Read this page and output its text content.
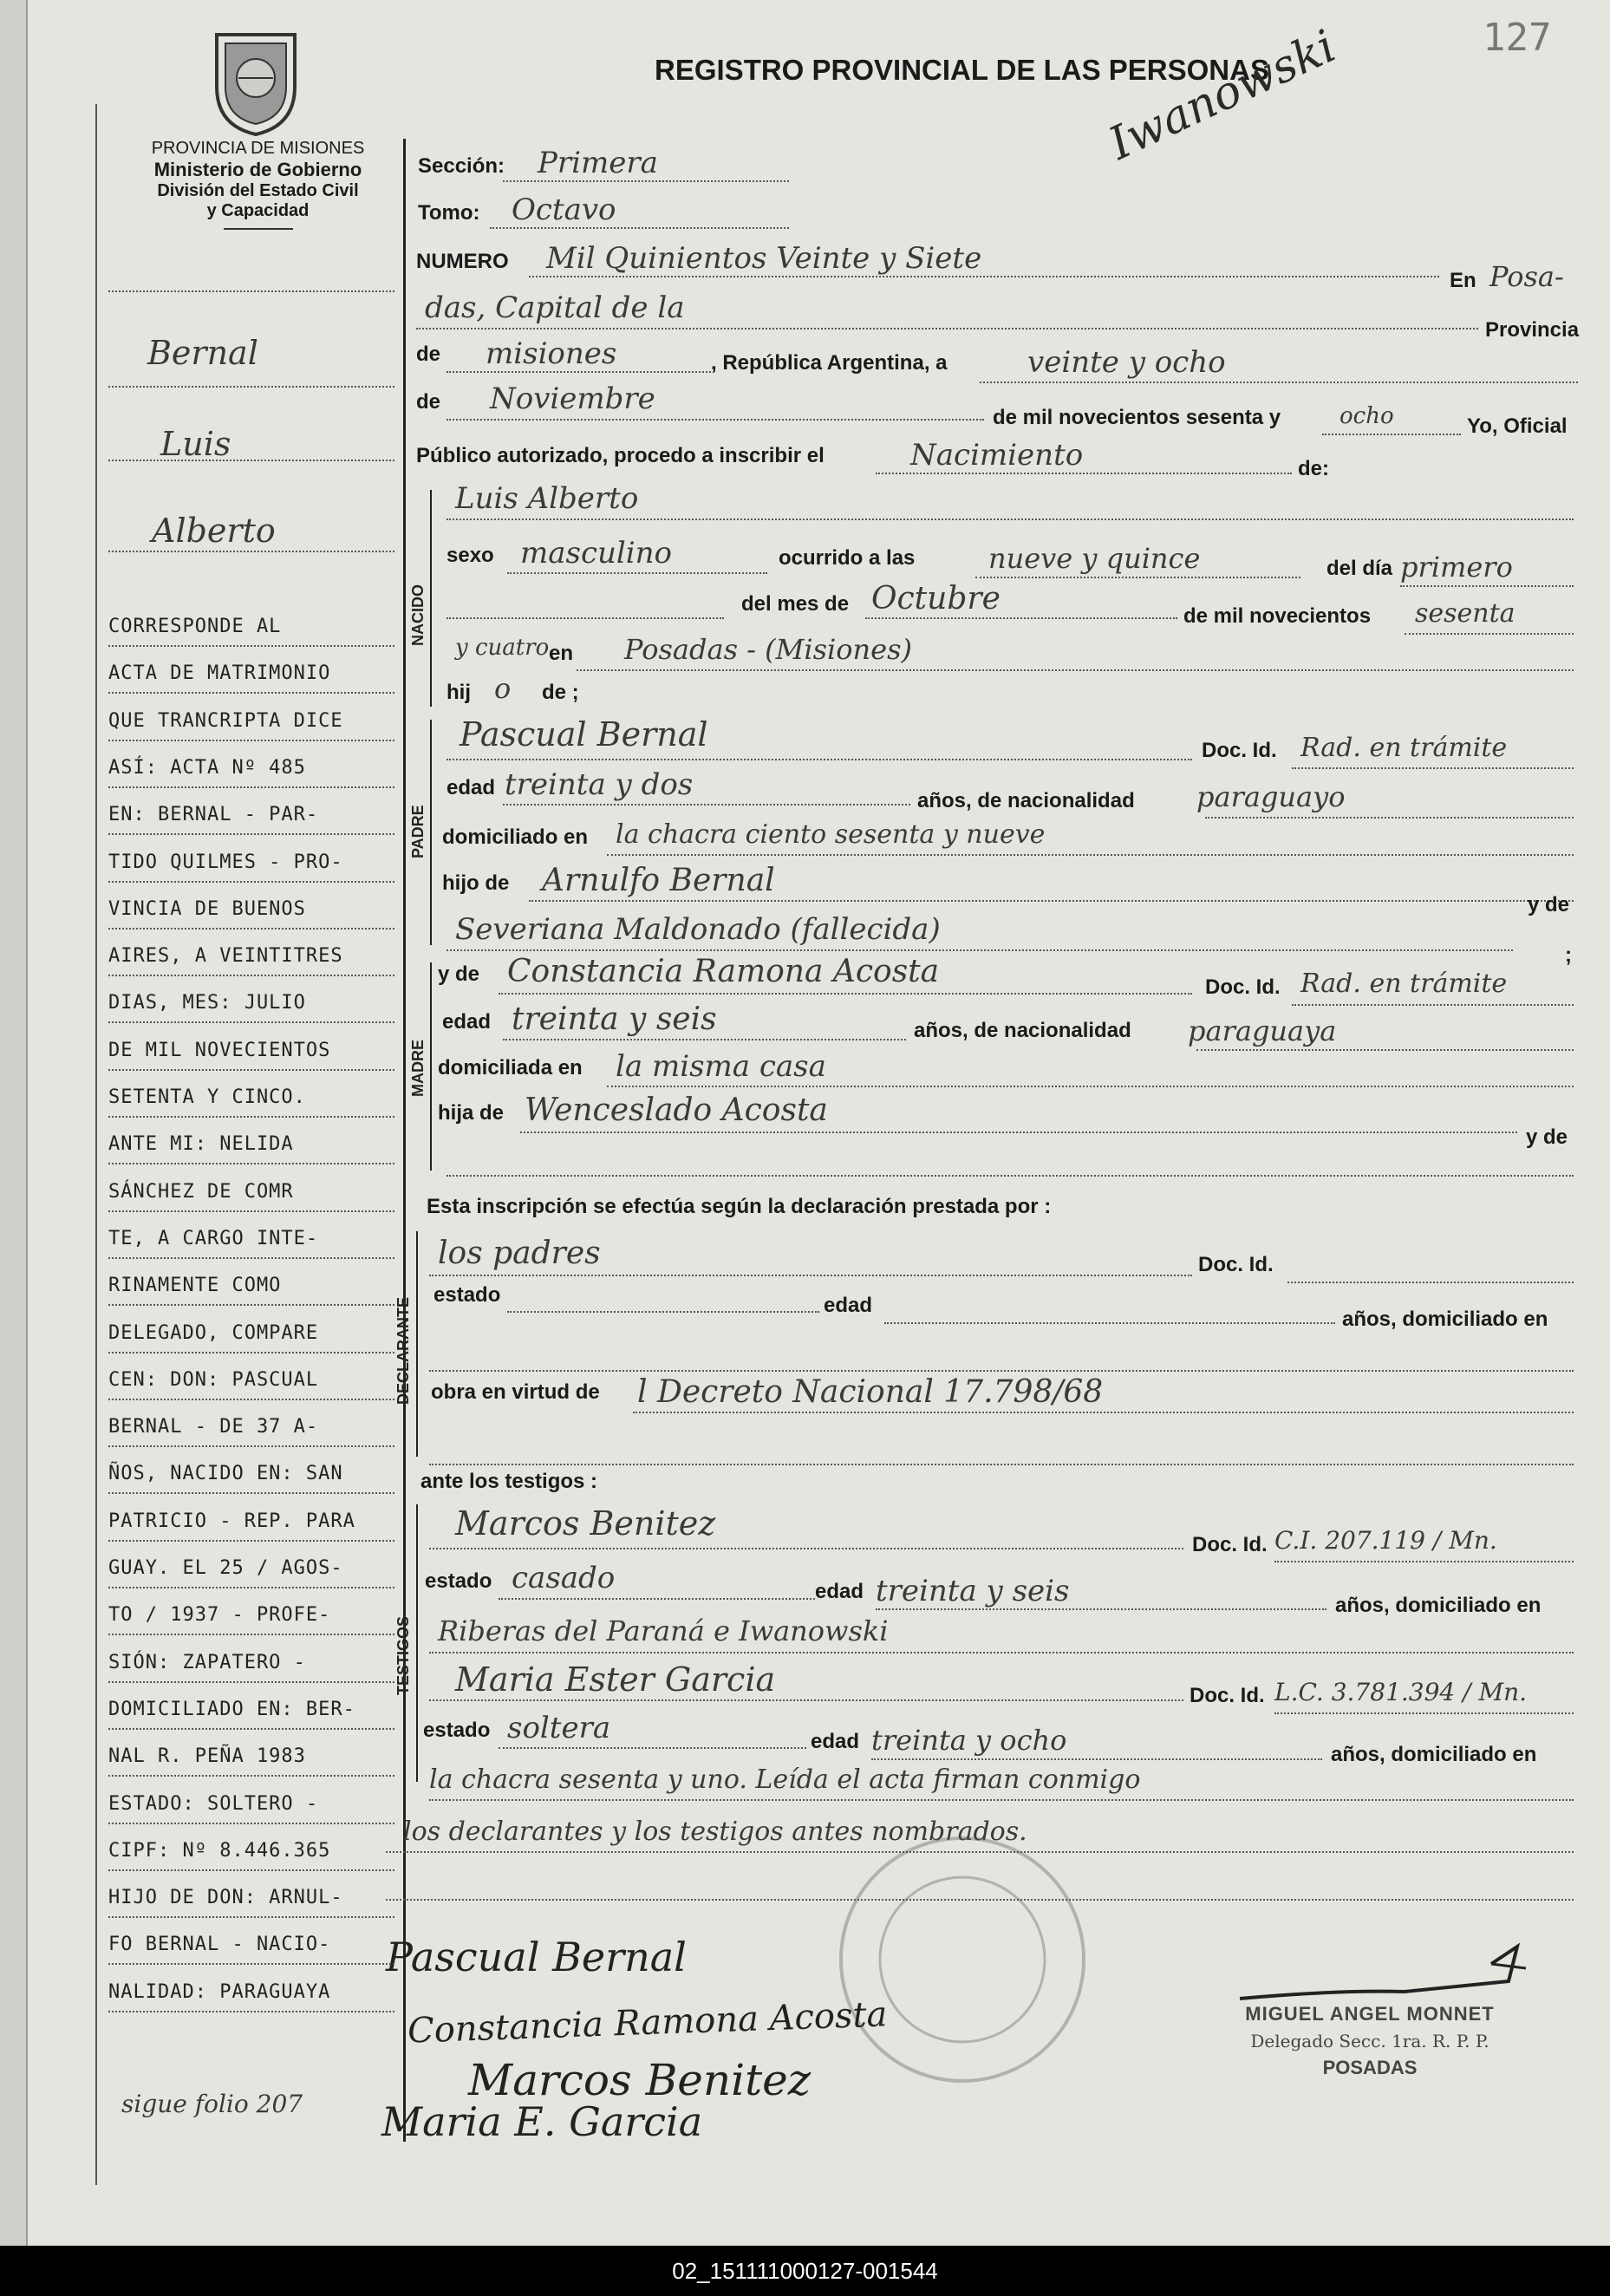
PROVINCIA DE MISIONES
Ministerio de Gobierno
División del Estado Civil
y Capacidad
REGISTRO PROVINCIAL DE LAS PERSONAS
127
Iwanowski
Bernal
Luis
Alberto
sigue folio 207
Sección: Primera
Tomo: Octavo
NUMERO Mil Quinientos Veinte y Siete
En Posa-
das, Capital de la
Provincia
de misiones	, República Argentina, a	veinte y ocho
de Noviembre
de mil novecientos sesenta y	ocho	Yo, Oficial
Público autorizado, procedo a inscribir el	Nacimiento	de:
NACIDO
Luis Alberto
sexo masculino	ocurrido a las	nueve y quince	del día primero
del mes de Octubre	de mil novecientos sesenta
y cuatro en Posadas - (Misiones)
hij o de ;
PADRE
Pascual Bernal	Doc. Id. Rad. en trámite
edad treinta y dos	años, de nacionalidad paraguayo
domiciliado en la chacra ciento sesenta y nueve
hijo de Arnulfo Bernal
Severiana Maldonado (fallecida)
y de
;
MADRE
y de Constancia Ramona Acosta	Doc. Id. Rad. en trámite
edad treinta y seis	años, de nacionalidad paraguaya
domiciliada en la misma casa
hija de Wenceslado Acosta
y de
Esta inscripción se efectúa según la declaración prestada por :
DECLARANTE
los padres	Doc. Id.
estado	edad
años, domiciliado en
obra en virtud de l Decreto Nacional 17.798/68
ante los testigos :
TESTIGOS
Marcos Benitez
Doc. Id. C.I. 207.119 / Mn.
estado casado	edad treinta y seis	años, domiciliado en
Riberas del Paraná e Iwanowski
Maria Ester Garcia	Doc. Id. L.C. 3.781.394 / Mn.
estado soltera	edad treinta y ocho	años, domiciliado en
la chacra sesenta y uno. Leída el acta firman conmigo
los declarantes y los testigos antes nombrados.
Pascual Bernal
Constancia Ramona Acosta
Marcos Benitez
Maria E. Garcia
MIGUEL ANGEL MONNET
Delegado Secc. 1ra. R. P. P.
POSADAS
CORRESPONDE AL
ACTA DE MATRIMONIO
QUE TRANCRIPTA DICE
ASÍ: ACTA Nº 485
EN: BERNAL - PAR-
TIDO QUILMES - PRO-
VINCIA DE BUENOS
AIRES, A VEINTITRES
DIAS, MES: JULIO
DE MIL NOVECIENTOS
SETENTA Y CINCO.
ANTE MI: NELIDA
SÁNCHEZ DE COMR
TE, A CARGO INTE-
RINAMENTE COMO
DELEGADO, COMPARE
CEN: DON: PASCUAL
BERNAL - DE 37 A-
ÑOS, NACIDO EN: SAN
PATRICIO - REP. PARA
GUAY. EL 25 / AGOS-
TO / 1937 - PROFE-
SIÓN: ZAPATERO -
DOMICILIADO EN: BER-
NAL R. PEÑA 1983
ESTADO: SOLTERO -
CIPF: Nº 8.446.365
HIJO DE DON: ARNUL-
FO BERNAL - NACIO-
NALIDAD: PARAGUAYA
02_151111000127-001544
